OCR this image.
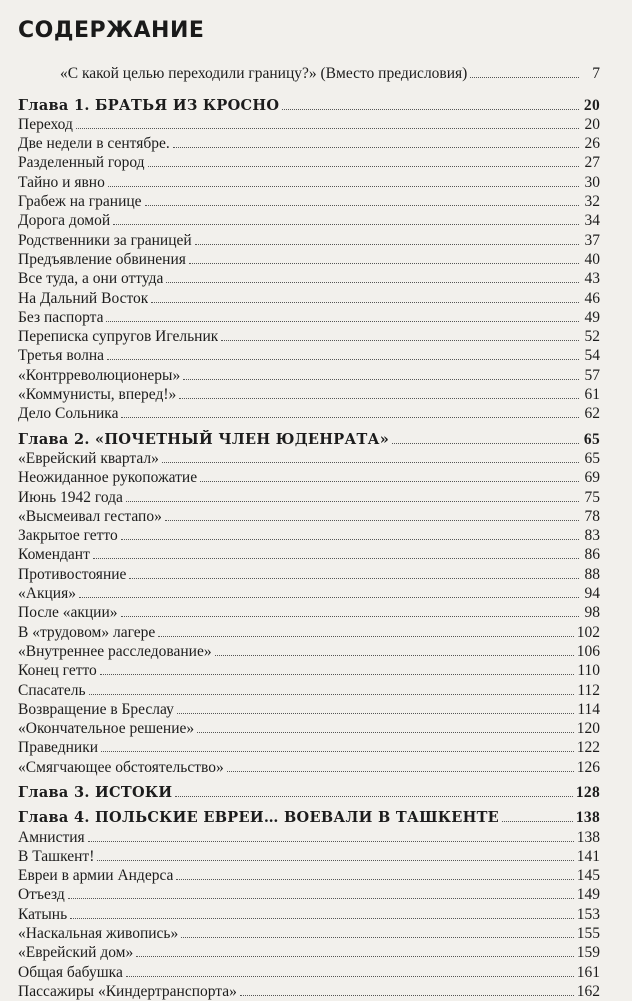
СОДЕРЖАНИЕ
«С какой целью переходили границу?» (Вместо предисловия)	7
Глава 1. БРАТЬЯ ИЗ КРОСНО	20
Переход	20
Две недели в сентябре.	26
Разделенный город	27
Тайно и явно	30
Грабеж на границе	32
Дорога домой	34
Родственники за границей	37
Предъявление обвинения	40
Все туда, а они оттуда	43
На Дальний Восток	46
Без паспорта	49
Переписка супругов Игельник	52
Третья волна	54
«Контрреволюционеры»	57
«Коммунисты, вперед!»	61
Дело Сольника	62
Глава 2. «ПОЧЕТНЫЙ ЧЛЕН ЮДЕНРАТА»	65
«Еврейский квартал»	65
Неожиданное рукопожатие	69
Июнь 1942 года	75
«Высмеивал гестапо»	78
Закрытое гетто	83
Комендант	86
Противостояние	88
«Акция»	94
После «акции»	98
В «трудовом» лагере	102
«Внутреннее расследование»	106
Конец гетто	110
Спасатель	112
Возвращение в Бреслау	114
«Окончательное решение»	120
Праведники	122
«Смягчающее обстоятельство»	126
Глава 3. ИСТОКИ	128
Глава 4. ПОЛЬСКИЕ ЕВРЕИ… ВОЕВАЛИ В ТАШКЕНТЕ	138
Амнистия	138
В Ташкент!	141
Евреи в армии Андерса	145
Отъезд	149
Катынь	153
«Наскальная живопись»	155
«Еврейский дом»	159
Общая бабушка	161
Пассажиры «Киндертранспорта»	162
